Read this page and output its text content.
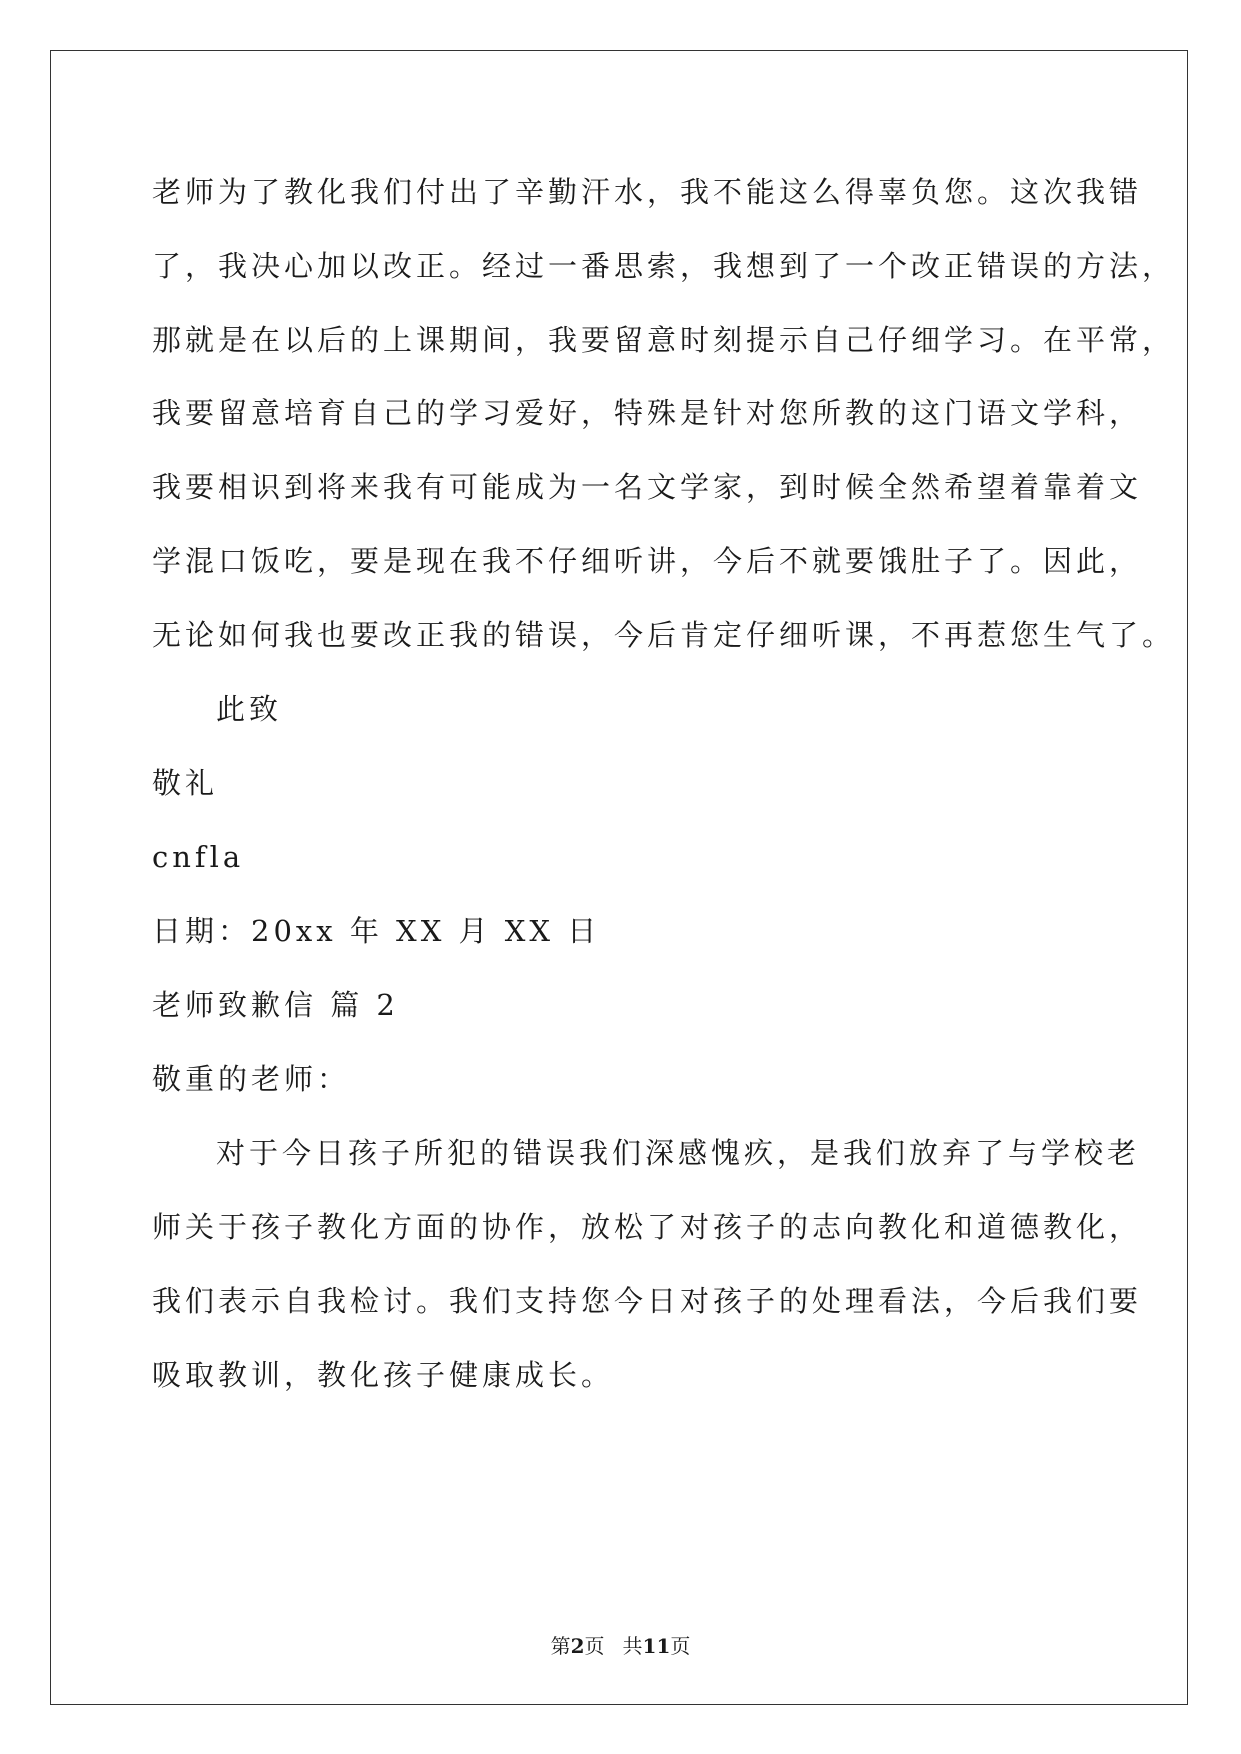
老师为了教化我们付出了辛勤汗水，我不能这么得辜负您。这次我错
了，我决心加以改正。经过一番思索，我想到了一个改正错误的方法，
那就是在以后的上课期间，我要留意时刻提示自己仔细学习。在平常，
我要留意培育自己的学习爱好，特殊是针对您所教的这门语文学科，
我要相识到将来我有可能成为一名文学家，到时候全然希望着靠着文
学混口饭吃，要是现在我不仔细听讲，今后不就要饿肚子了。因此，
无论如何我也要改正我的错误，今后肯定仔细听课，不再惹您生气了。
此致
敬礼
cnfla
日期：20xx 年 XX 月 XX 日
老师致歉信 篇 2
敬重的老师：
对于今日孩子所犯的错误我们深感愧疚，是我们放弃了与学校老
师关于孩子教化方面的协作，放松了对孩子的志向教化和道德教化，
我们表示自我检讨。我们支持您今日对孩子的处理看法，今后我们要
吸取教训，教化孩子健康成长。
第2页 共11页
